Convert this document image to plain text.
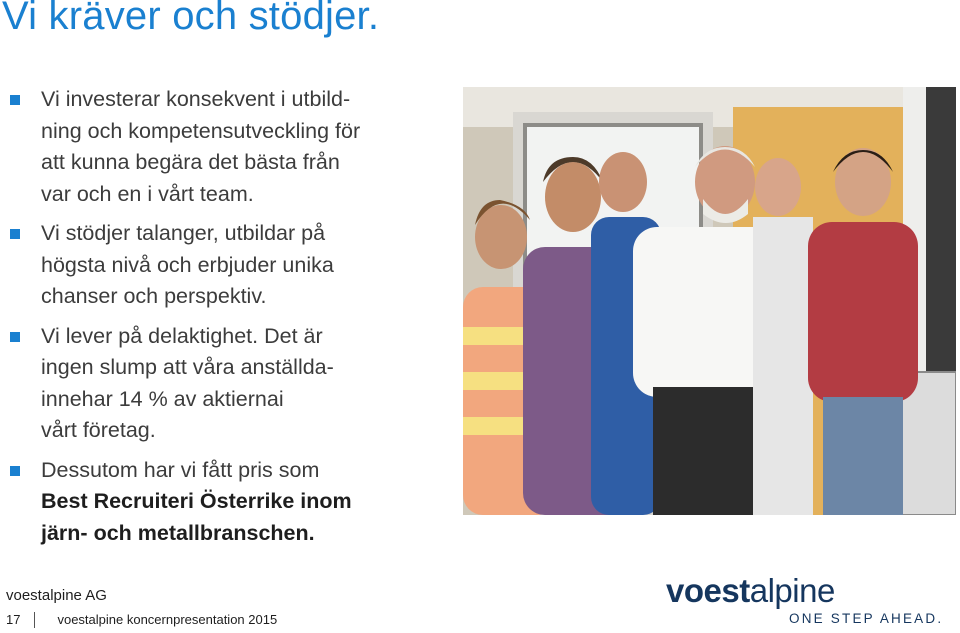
Vi kräver och stödjer.
Vi investerar konsekvent i utbild-
ning och kompetensutveckling för
att kunna begära det bästa från
var och en i vårt team.
Vi stödjer talanger, utbildar på
högsta nivå och erbjuder unika
chanser och perspektiv.
Vi lever på delaktighet. Det är
ingen slump att våra anställda-
innehar 14 % av aktiernai
vårt företag.
Dessutom har vi fått pris som
Best Recruiteri Österrike inom
järn- och metallbranschen.
voestalpine AG
17	voestalpine koncernpresentation 2015
voestalpine
ONE STEP AHEAD.
